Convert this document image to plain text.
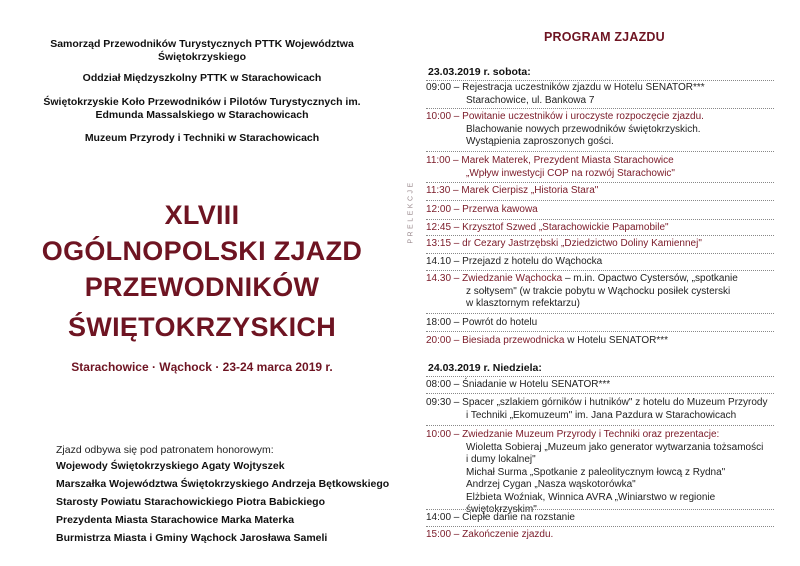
Samorząd Przewodników Turystycznych PTTK Województwa Świętokrzyskiego
Oddział Międzyszkolny PTTK w Starachowicach
Świętokrzyskie Koło Przewodników i Pilotów Turystycznych im. Edmunda Massalskiego w Starachowicach
Muzeum Przyrody i Techniki w Starachowicach
XLVIII
OGÓLNOPOLSKI ZJAZD
PRZEWODNIKÓW
ŚWIĘTOKRZYSKICH
Starachowice · Wąchock · 23-24 marca 2019 r.
Zjazd odbywa się pod patronatem honorowym:
Wojewody Świętokrzyskiego Agaty Wojtyszek
Marszałka Województwa Świętokrzyskiego Andrzeja Bętkowskiego
Starosty Powiatu Starachowickiego Piotra Babickiego
Prezydenta Miasta Starachowice Marka Materka
Burmistrza Miasta i Gminy Wąchock Jarosława Sameli
PRELEKCJE
PROGRAM ZJAZDU
23.03.2019 r. sobota:
09:00 – Rejestracja uczestników zjazdu w Hotelu SENATOR***
Starachowice, ul. Bankowa 7
10:00 – Powitanie uczestników i uroczyste rozpoczęcie zjazdu.
Blachowanie nowych przewodników świętokrzyskich.
Wystąpienia zaproszonych gości.
11:00 – Marek Materek, Prezydent Miasta Starachowice
„Wpływ inwestycji COP na rozwój Starachowic"
11:30 – Marek Cierpisz „Historia Stara"
12:00 – Przerwa kawowa
12:45 – Krzysztof Szwed „Starachowickie Papamobile"
13:15 – dr Cezary Jastrzębski „Dziedzictwo Doliny Kamiennej"
14.10 – Przejazd z hotelu do Wąchocka
14.30 – Zwiedzanie Wąchocka – m.in. Opactwo Cystersów, „spotkanie
z sołtysem" (w trakcie pobytu w Wąchocku posiłek cysterski
w klasztornym refektarzu)
18:00 – Powrót do hotelu
20:00 – Biesiada przewodnicka w Hotelu SENATOR***
24.03.2019 r. Niedziela:
08:00 – Śniadanie w Hotelu SENATOR***
09:30 – Spacer „szlakiem górników i hutników" z hotelu do Muzeum Przyrody
i Techniki „Ekomuzeum" im. Jana Pazdura w Starachowicach
10:00 – Zwiedzanie Muzeum Przyrody i Techniki oraz prezentacje:
Wioletta Sobieraj „Muzeum jako generator wytwarzania tożsamości
i dumy lokalnej"
Michał Surma „Spotkanie z paleolitycznym łowcą z Rydna"
Andrzej Cygan „Nasza wąskotorówka"
Elżbieta Woźniak, Winnica AVRA „Winiarstwo w regionie świętokrzyskim"
14:00 – Ciepłe danie na rozstanie
15:00 – Zakończenie zjazdu.
